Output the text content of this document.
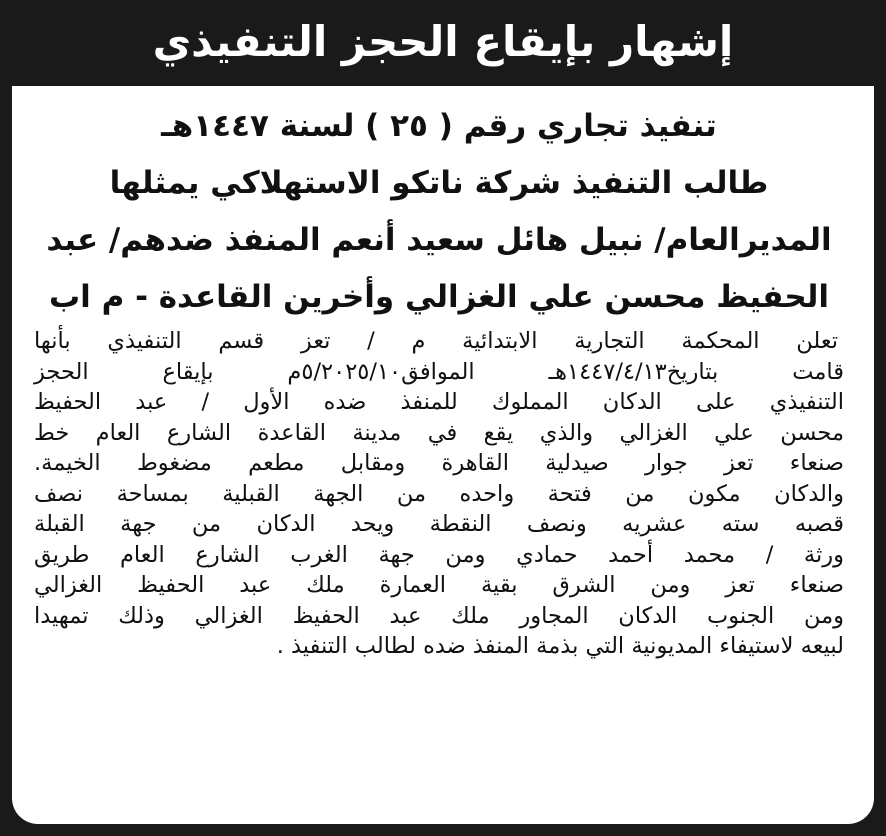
إشهار بإيقاع الحجز التنفيذي
تنفيذ تجاري رقم ( ٢٥ ) لسنة ١٤٤٧هـ
طالب التنفيذ شركة ناتكو الاستهلاكي يمثلها
المديرالعام/ نبيل هائل سعيد أنعم المنفذ ضدهم/ عبد
الحفيظ محسن علي الغزالي وأخرين القاعدة - م اب
تعلن المحكمة التجارية الابتدائية م / تعز قسم التنفيذي بأنها
قامت بتاريخ١٤٤٧/٤/١٣هـ الموافق٥/٢٠٢٥/١٠م بإيقاع الحجز
التنفيذي على الدكان المملوك للمنفذ ضده الأول / عبد الحفيظ
محسن علي الغزالي والذي يقع في مدينة القاعدة الشارع العام خط
صنعاء تعز جوار صيدلية القاهرة ومقابل مطعم مضغوط الخيمة.
والدكان مكون من فتحة واحده من الجهة القبلية بمساحة نصف
قصبه سته عشريه ونصف النقطة ويحد الدكان من جهة القبلة
ورثة / محمد أحمد حمادي ومن جهة الغرب الشارع العام طريق
صنعاء تعز ومن الشرق بقية العمارة ملك عبد الحفيظ الغزالي
ومن الجنوب الدكان المجاور ملك عبد الحفيظ الغزالي وذلك تمهيدا
لبيعه لاستيفاء المديونية التي بذمة المنفذ ضده لطالب التنفيذ .
